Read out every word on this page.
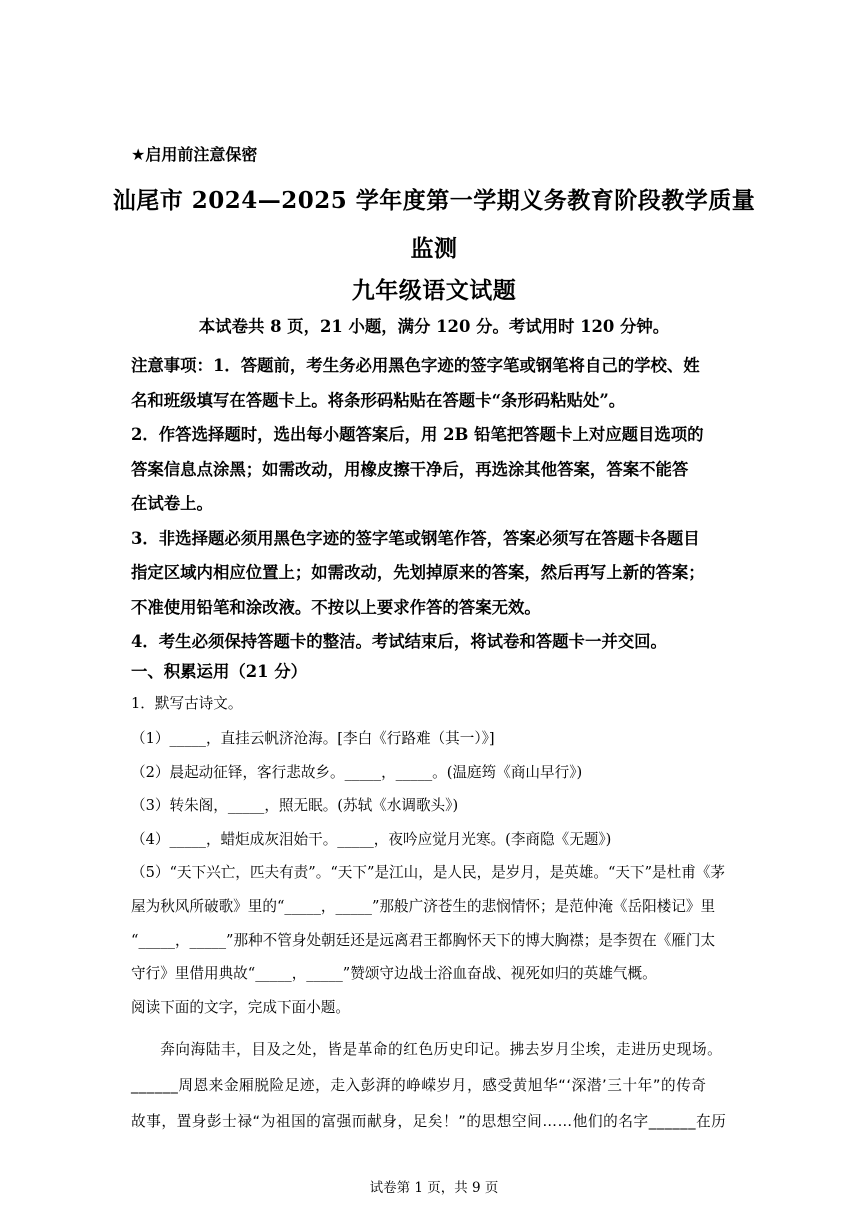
★启用前注意保密
汕尾市 2024—2025 学年度第一学期义务教育阶段教学质量
监测
九年级语文试题
本试卷共 8 页，21 小题，满分 120 分。考试用时 120 分钟。

注意事项：1．答题前，考生务必用黑色字迹的签字笔或钢笔将自己的学校、姓

名和班级填写在答题卡上。将条形码粘贴在答题卡“条形码粘贴处”。

2．作答选择题时，选出每小题答案后，用 2B 铅笔把答题卡上对应题目选项的

答案信息点涂黑；如需改动，用橡皮擦干净后，再选涂其他答案，答案不能答

在试卷上。

3．非选择题必须用黑色字迹的签字笔或钢笔作答，答案必须写在答题卡各题目

指定区域内相应位置上；如需改动，先划掉原来的答案，然后再写上新的答案；

不准使用铅笔和涂改液。不按以上要求作答的答案无效。

4．考生必须保持答题卡的整洁。考试结束后，将试卷和答题卡一并交回。

一、积累运用（21 分）

1．默写古诗文。

（1）_____，直挂云帆济沧海。[李白《行路难（其一）》]

（2）晨起动征铎，客行悲故乡。_____，_____。(温庭筠《商山早行》)

（3）转朱阁，_____，照无眠。(苏轼《水调歌头》)

（4）_____，蜡炬成灰泪始干。_____，夜吟应觉月光寒。(李商隐《无题》)

（5）“天下兴亡，匹夫有责”。“天下”是江山，是人民，是岁月，是英雄。“天下”是杜甫《茅

屋为秋风所破歌》里的“_____，_____”那般广济苍生的悲悯情怀；是范仲淹《岳阳楼记》里

“_____，_____”那种不管身处朝廷还是远离君王都胸怀天下的博大胸襟；是李贺在《雁门太

守行》里借用典故“_____，_____”赞颂守边战士浴血奋战、视死如归的英雄气概。

阅读下面的文字，完成下面小题。

奔向海陆丰，目及之处，皆是革命的红色历史印记。拂去岁月尘埃，走进历史现场。

______周恩来金厢脱险足迹，走入彭湃的峥嵘岁月，感受黄旭华“‘深潜’三十年”的传奇

故事，置身彭士禄“为祖国的富强而献身，足矣！”的思想空间……他们的名字______在历

试卷第 1 页，共 9 页
